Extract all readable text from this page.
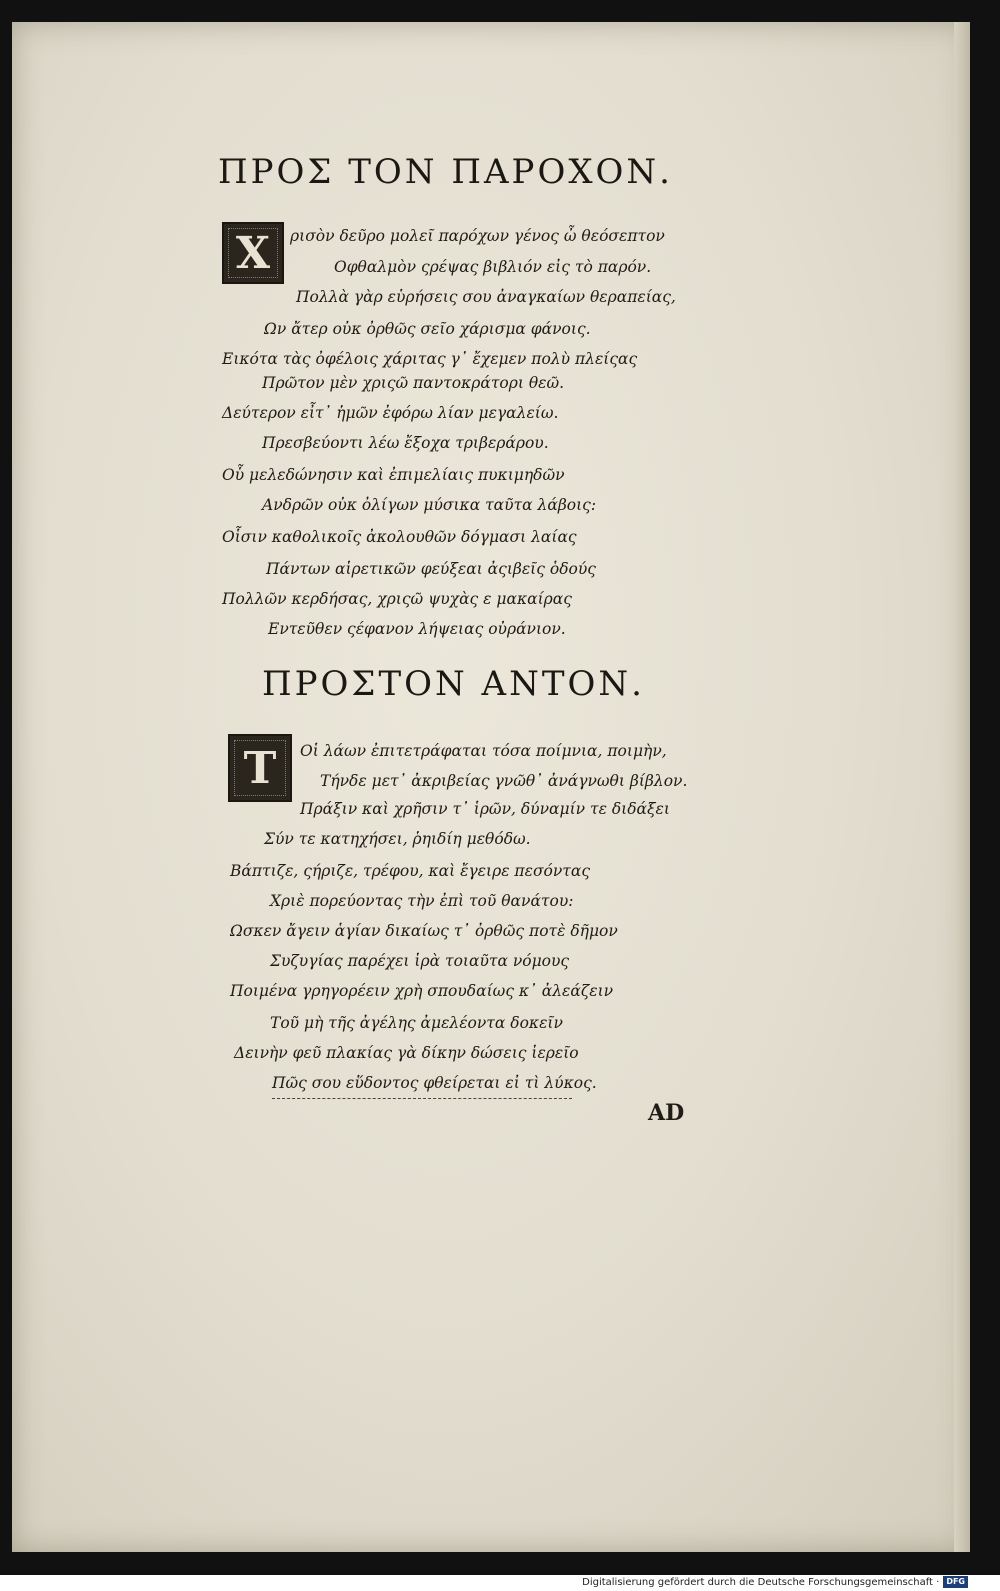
ΠΡΟΣ ΤΟΝ ΠΑΡΟΧΟΝ.
Χ ρισὸν δεῦρο μολεῖ παρόχων γένος ὦ θεόσεπτον

Οφθαλμὸν ςρέψας βιβλιόν εἰς τὸ παρόν.

Πολλὰ γὰρ εὑρήσεις σου ἀναγκαίων θεραπείας,

Ων ἄτερ οὐκ ὀρθῶς σεῖο χάρισμα φάνοις.

Εικότα τὰς ὀφέλοις χάριτας γ᾽ ἔχεμεν πολὺ πλείςας

Πρῶτον μὲν χριςῶ παντοκράτορι θεῶ.

Δεύτερον εἶτ᾽ ἡμῶν ἐφόρω λίαν μεγαλείω.

Πρεσβεύοντι λέω ἔξοχα τριβεράρου.

Οὗ μελεδώνησιν καὶ ἐπιμελίαις πυκιμηδῶν

Ανδρῶν οὐκ ὀλίγων μύσικα ταῦτα λάβοις:

Οἷσιν καθολικοῖς ἀκολουθῶν δόγμασι λαίας

Πάντων αἱρετικῶν φεύξεαι ἀςιβεῖς ὁδούς

Πολλῶν κερδήσας, χριςῶ ψυχὰς ε μακαίρας

Εντεῦθεν ςέφανον λήψειας οὐράνιον.

ΠΡΟΣΤΟΝ ΑΝΤΟΝ.
Τ Οἱ λάων ἐπιτετράφαται τόσα ποίμνια, ποιμὴν,

Τήνδε μετ᾽ ἀκριβείας γνῶθ᾽ ἀνάγνωθι βίβλον.

Πράξιν καὶ χρῆσιν τ᾽ ἱρῶν, δύναμίν τε διδάξει

Σύν τε κατηχήσει, ῥηιδίη μεθόδω.

Βάπτιζε, ςήριζε, τρέφου, καὶ ἔγειρε πεσόντας

Χριὲ πορεύοντας τὴν ἐπὶ τοῦ θανάτου:

Ωσκεν ἄγειν ἁγίαν δικαίως τ᾽ ὀρθῶς ποτὲ δῆμον

Συζυγίας παρέχει ἱρὰ τοιαῦτα νόμους

Ποιμένα γρηγορέειν χρὴ σπουδαίως κ᾽ ἀλεάζειν

Τοῦ μὴ τῆς ἀγέλης ἀμελέοντα δοκεῖν

Δεινὴν φεῦ πλακίας γὰ δίκην δώσεις ἱερεῖο

Πῶς σου εὕδοντος φθείρεται εἰ τὶ λύκος.

AD
Digitalisierung gefördert durch die Deutsche Forschungsgemeinschaft · DFG
